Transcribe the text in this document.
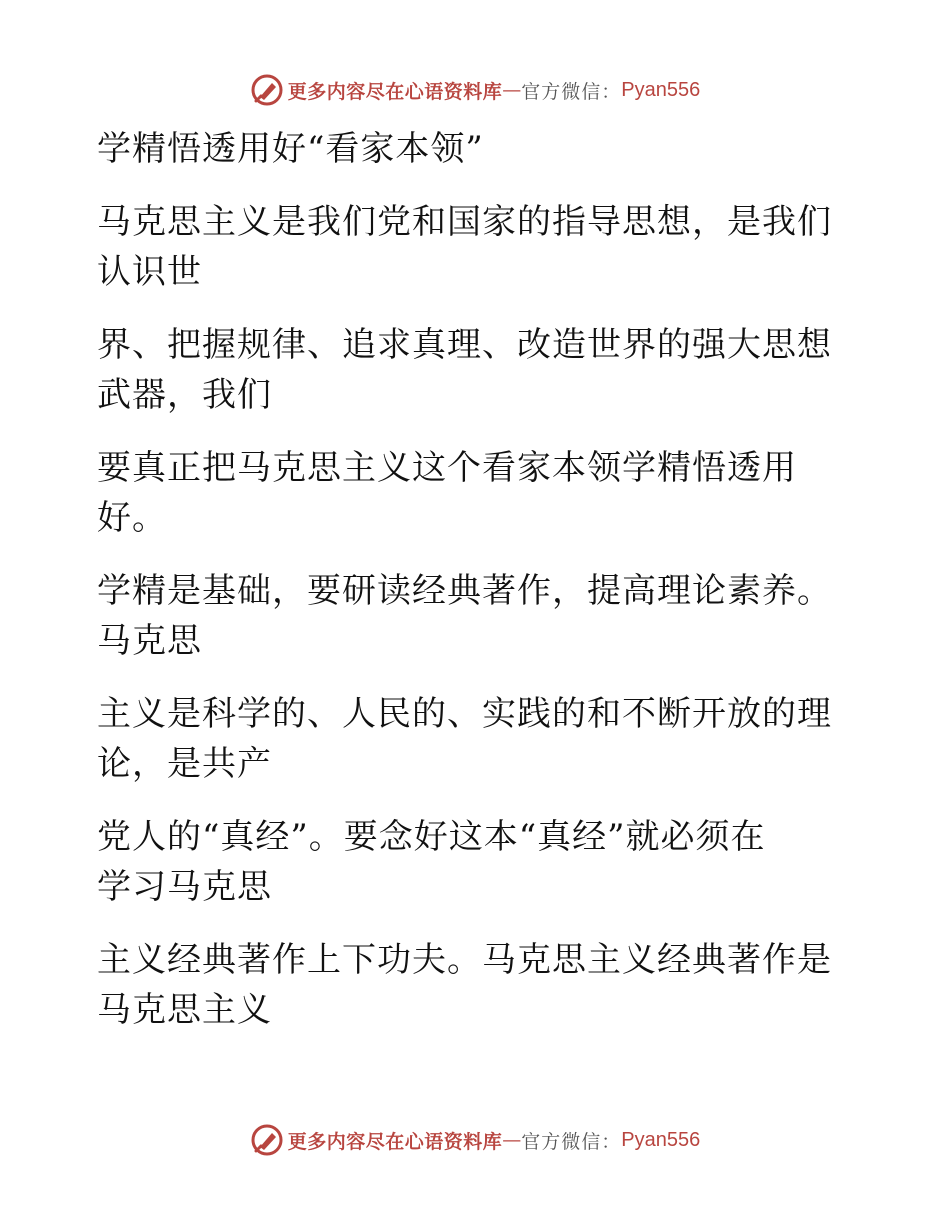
更多内容尽在心语资料库 — 官方微信： Pyan556
学精悟透用好“看家本领”
马克思主义是我们党和国家的指导思想，是我们
认识世
界、把握规律、追求真理、改造世界的强大思想
武器，我们
要真正把马克思主义这个看家本领学精悟透用
好。
学精是基础，要研读经典著作，提高理论素养。
马克思
主义是科学的、人民的、实践的和不断开放的理
论，是共产
党人的“真经”。要念好这本“真经”就必须在
学习马克思
主义经典著作上下功夫。马克思主义经典著作是
马克思主义
更多内容尽在心语资料库 — 官方微信： Pyan556
